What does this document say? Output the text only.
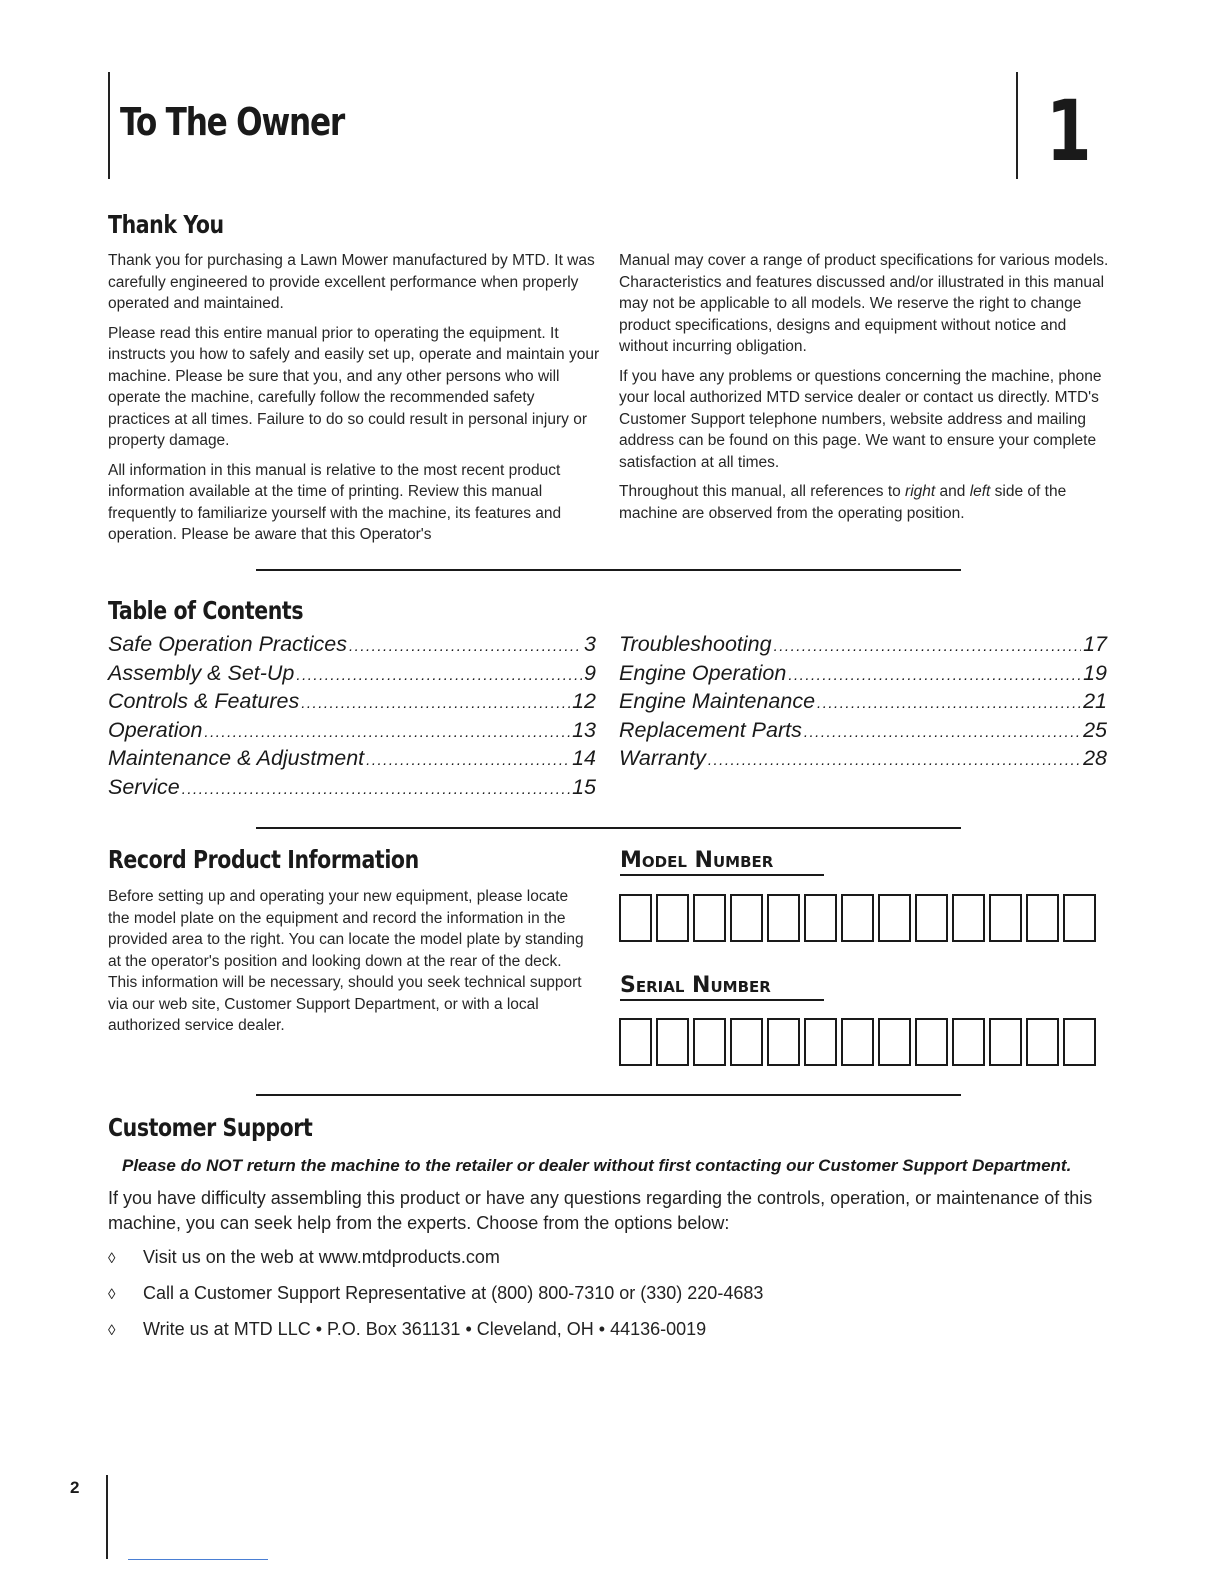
To The Owner	1
Thank You

Thank you for purchasing a Lawn Mower manufactured by MTD. It was carefully engineered to provide excellent performance when properly operated and maintained.

Please read this entire manual prior to operating the equipment. It instructs you how to safely and easily set up, operate and maintain your machine. Please be sure that you, and any other persons who will operate the machine, carefully follow the recommended safety practices at all times. Failure to do so could result in personal injury or property damage.

All information in this manual is relative to the most recent product information available at the time of printing. Review this manual frequently to familiarize yourself with the machine, its features and operation. Please be aware that this Operator's

Manual may cover a range of product specifications for various models. Characteristics and features discussed and/or illustrated in this manual may not be applicable to all models. We reserve the right to change product specifications, designs and equipment without notice and without incurring obligation.

If you have any problems or questions concerning the machine, phone your local authorized MTD service dealer or contact us directly. MTD's Customer Support telephone numbers, website address and mailing address can be found on this page. We want to ensure your complete satisfaction at all times.

Throughout this manual, all references to right and left side of the machine are observed from the operating position.

Table of Contents
Safe Operation Practices .....	3
Assembly & Set-Up .....	9
Controls & Features .....	12
Operation .....	13
Maintenance & Adjustment .....	14
Service .....	15
Troubleshooting .....	17
Engine Operation .....	19
Engine Maintenance .....	21
Replacement Parts .....	25
Warranty .....	28
Record Product Information
Before setting up and operating your new equipment, please locate the model plate on the equipment and record the information in the provided area to the right. You can locate the model plate by standing at the operator's position and looking down at the rear of the deck. This information will be necessary, should you seek technical support via our web site, Customer Support Department, or with a local authorized service dealer.
Model Number
Serial Number
Customer Support
Please do NOT return the machine to the retailer or dealer without first contacting our Customer Support Department.
If you have difficulty assembling this product or have any questions regarding the controls, operation, or maintenance of this machine, you can seek help from the experts. Choose from the options below:
◊ Visit us on the web at www.mtdproducts.com
◊ Call a Customer Support Representative at (800) 800-7310 or (330) 220-4683
◊ Write us at MTD LLC • P.O. Box 361131 • Cleveland, OH • 44136-0019
2
